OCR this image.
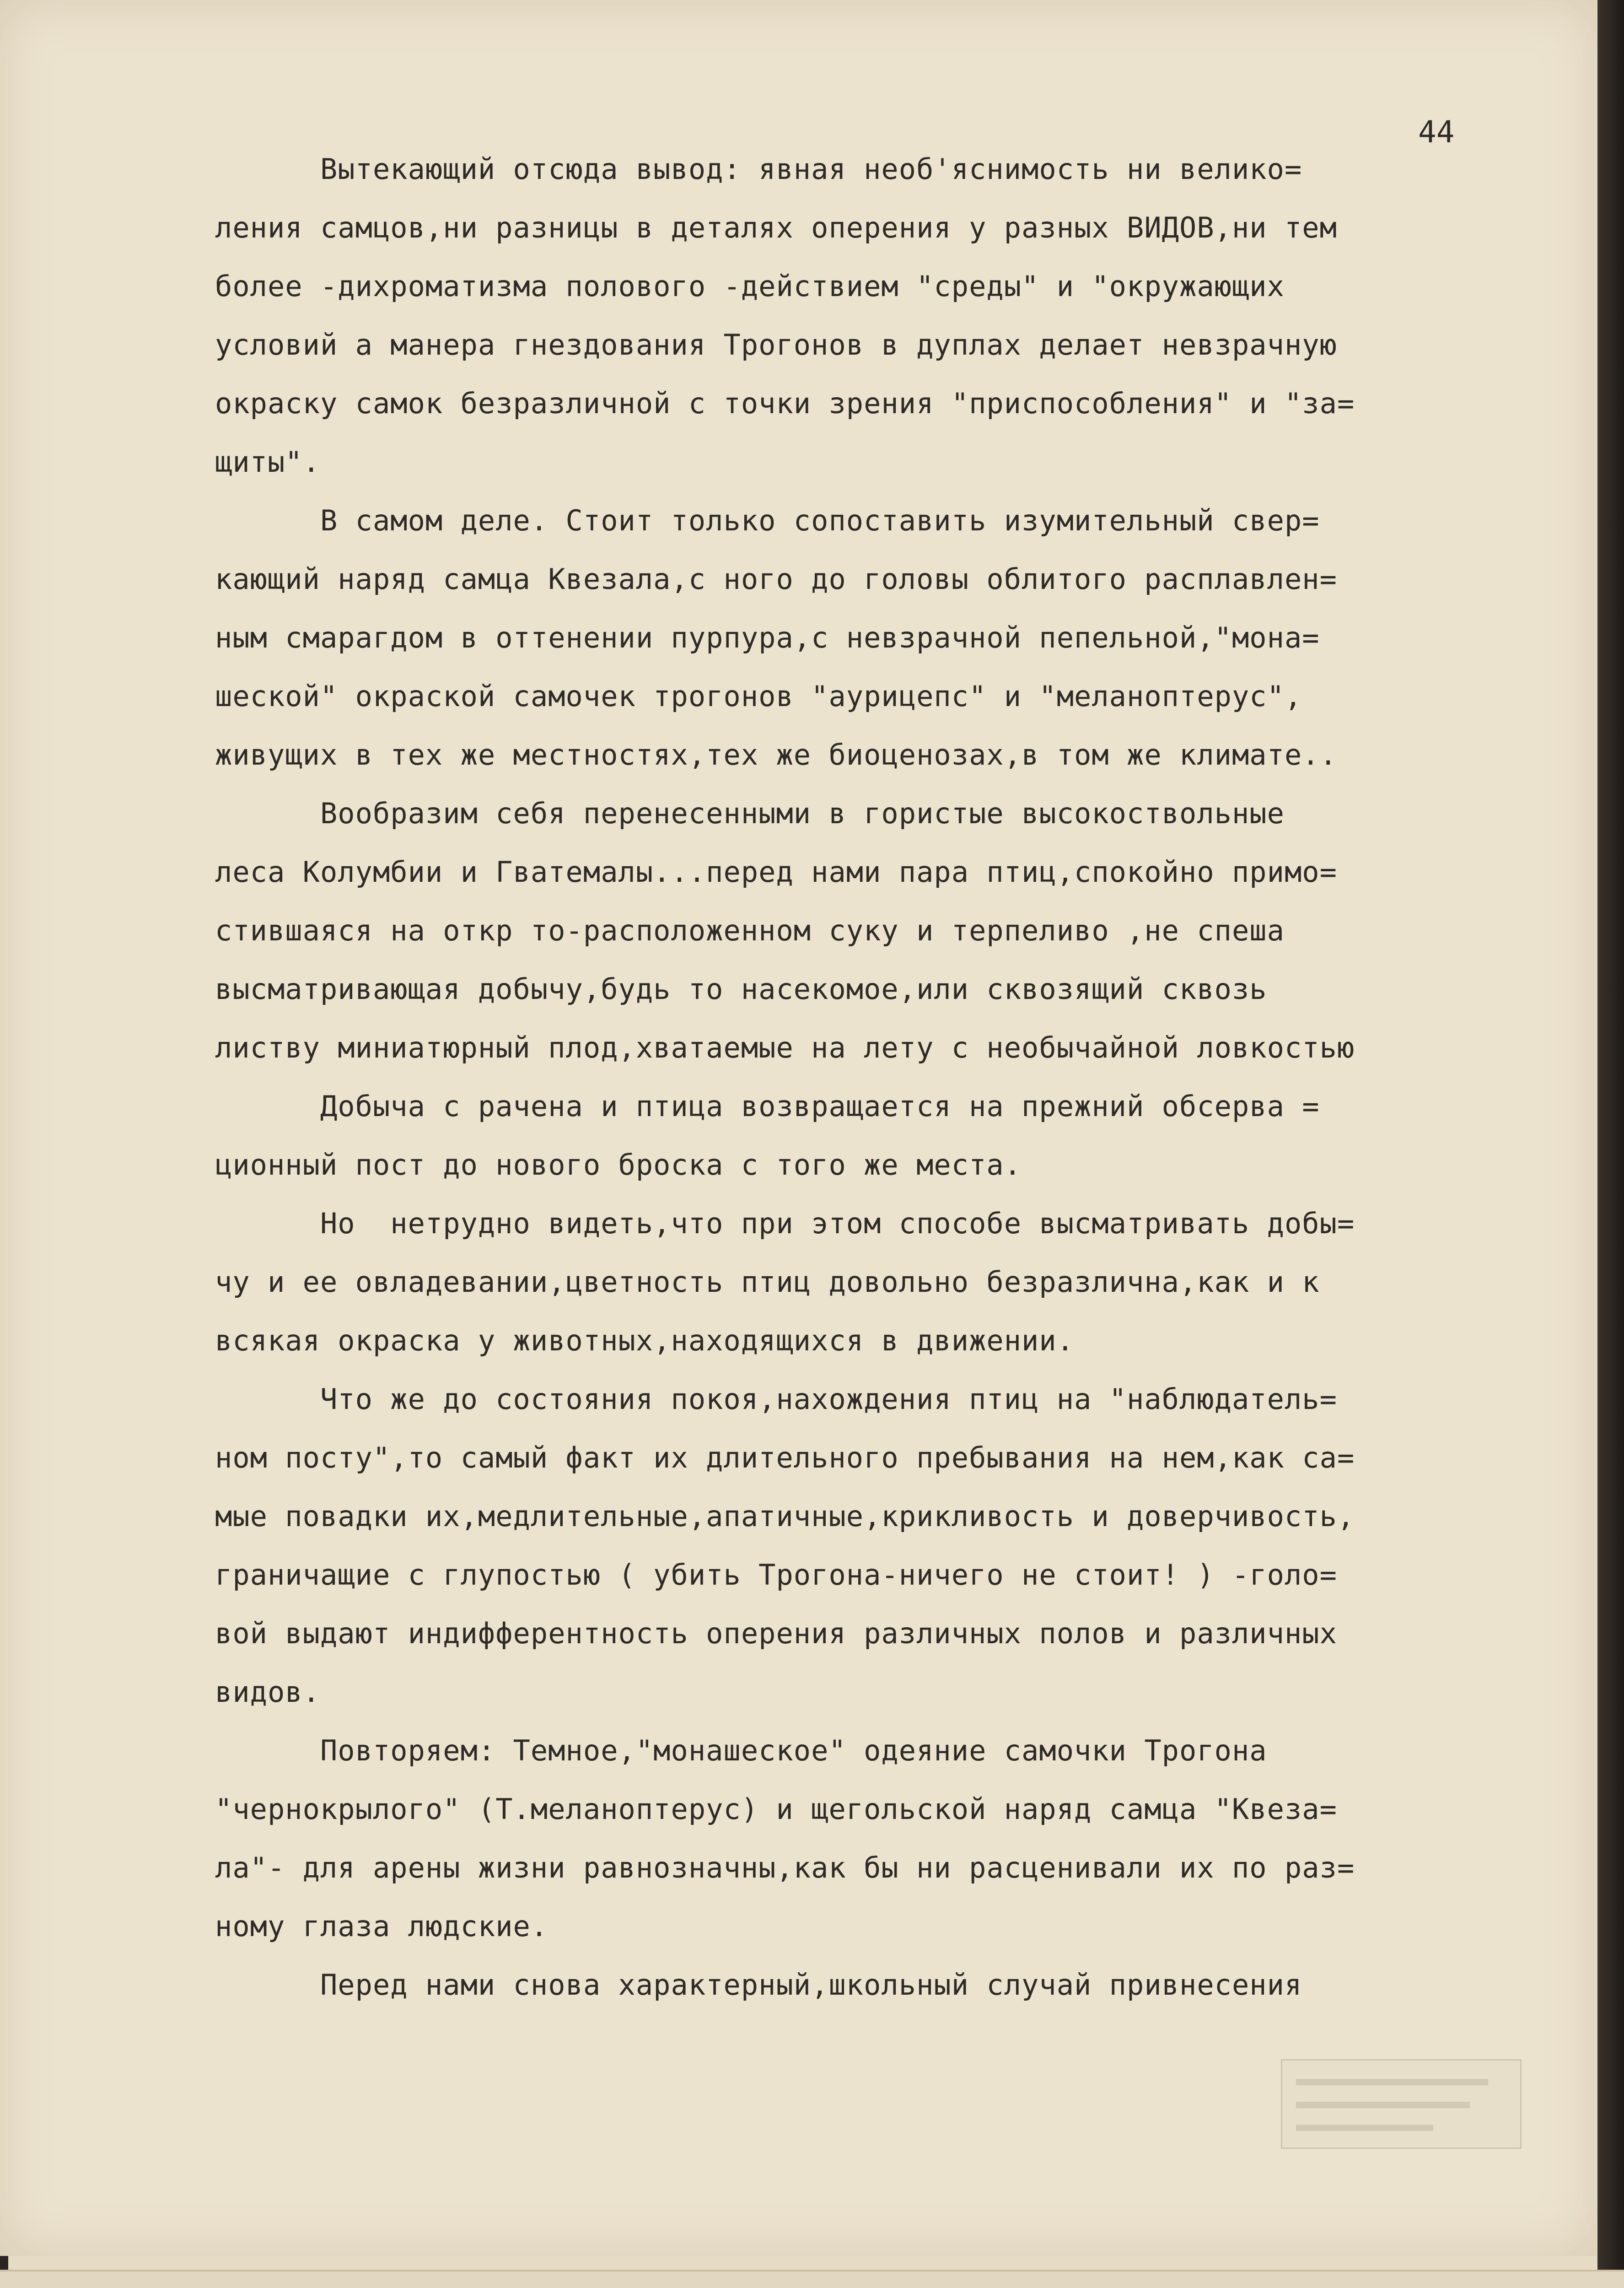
44

Вытекающий отсюда вывод: явная необ'яснимость ни велико=

ления самцов,ни разницы в деталях оперения у разных ВИДОВ,ни тем

более -дихроматизма полового -действием "среды" и "окружающих

условий а манера гнездования Трогонов в дуплах делает невзрачную

окраску самок безразличной с точки зрения "приспособления" и "за=

щиты".

В самом деле. Стоит только сопоставить изумительный свер=

кающий наряд самца Квезала,с ного до головы облитого расплавлен=

ным смарагдом в оттенении пурпура,с невзрачной пепельной,"мона=

шеской" окраской самочек трогонов "аурицепс" и "меланоптерус",

живущих в тех же местностях,тех же биоценозах,в том же климате..

Вообразим себя перенесенными в гористые высокоствольные

леса Колумбии и Гватемалы...перед нами пара птиц,спокойно примо=

стившаяся на откр то-расположенном суку и терпеливо ,не спеша

высматривающая добычу,будь то насекомое,или сквозящий сквозь

листву миниатюрный плод,хватаемые на лету с необычайной ловкостью

Добыча с рачена и птица возвращается на прежний обсерва =

ционный пост до нового броска с того же места.

Но  нетрудно видеть,что при этом способе высматривать добы=

чу и ее овладевании,цветность птиц довольно безразлична,как и к

всякая окраска у животных,находящихся в движении.

Что же до состояния покоя,нахождения птиц на "наблюдатель=

ном посту",то самый факт их длительного пребывания на нем,как са=

мые повадки их,медлительные,апатичные,крикливость и доверчивость,

граничащие с глупостью ( убить Трогона-ничего не стоит! ) -голо=

вой выдают индифферентность оперения различных полов и различных

видов.

Повторяем: Темное,"монашеское" одеяние самочки Трогона

"чернокрылого" (Т.меланоптерус) и щегольской наряд самца "Квеза=

ла"- для арены жизни равнозначны,как бы ни расценивали их по раз=

ному глаза людские.

Перед нами снова характерный,школьный случай привнесения
